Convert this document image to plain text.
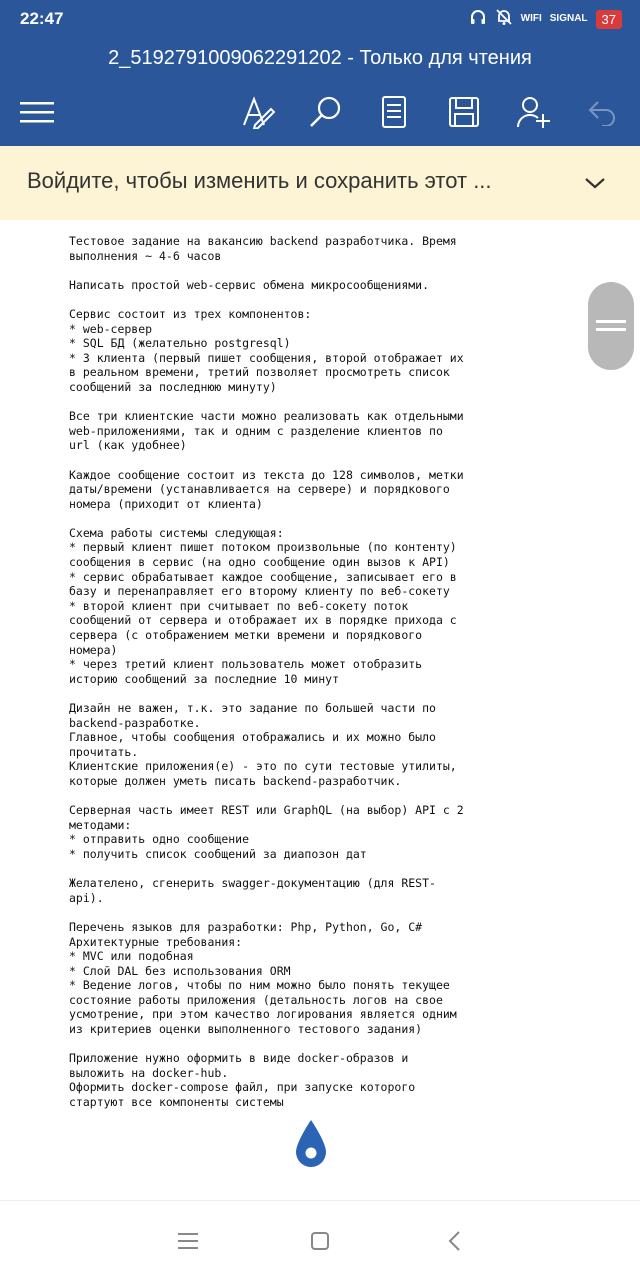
22:47	WIFI SIGNAL	37
2_5192791009062291202 - Только для чтения
Войдите, чтобы изменить и сохранить этот ...
Тестовое задание на вакансию backend разработчика. Время
выполнения ~ 4-6 часов

Написать простой web-сервис обмена микросообщениями.

Сервис состоит из трех компонентов:
* web-сервер
* SQL БД (желательно postgresql)
* 3 клиента (первый пишет сообщения, второй отображает их
в реальном времени, третий позволяет просмотреть список
сообщений за последнюю минуту)

Все три клиентские части можно реализовать как отдельными
web-приложениями, так и одним с разделение клиентов по
url (как удобнее)

Каждое сообщение состоит из текста до 128 символов, метки
даты/времени (устанавливается на сервере) и порядкового
номера (приходит от клиента)

Схема работы системы следующая:
* первый клиент пишет потоком произвольные (по контенту)
сообщения в сервис (на одно сообщение один вызов к API)
* сервис обрабатывает каждое сообщение, записывает его в
базу и перенаправляет его второму клиенту по веб-сокету
* второй клиент при считывает по веб-сокету поток
сообщений от сервера и отображает их в порядке прихода с
сервера (с отображением метки времени и порядкового
номера)
* через третий клиент пользователь может отобразить
историю сообщений за последние 10 минут

Дизайн не важен, т.к. это задание по большей части по
backend-разработке.
Главное, чтобы сообщения отображались и их можно было
прочитать.
Клиентские приложения(е) - это по сути тестовые утилиты,
которые должен уметь писать backend-разработчик.

Серверная часть имеет REST или GraphQL (на выбор) API с 2
методами:
* отправить одно сообщение
* получить список сообщений за диапозон дат

Желателено, сгенерить swagger-документацию (для REST-
api).

Перечень языков для разработки: Php, Python, Go, C#
Архитектурные требования:
* MVC или подобная
* Слой DAL без использования ORM
* Ведение логов, чтобы по ним можно было понять текущее
состояние работы приложения (детальность логов на свое
усмотрение, при этом качество логирования является одним
из критериев оценки выполненного тестового задания)

Приложение нужно оформить в виде docker-образов и
выложить на docker-hub.
Оформить docker-compose файл, при запуске которого
стартуют все компоненты системы
